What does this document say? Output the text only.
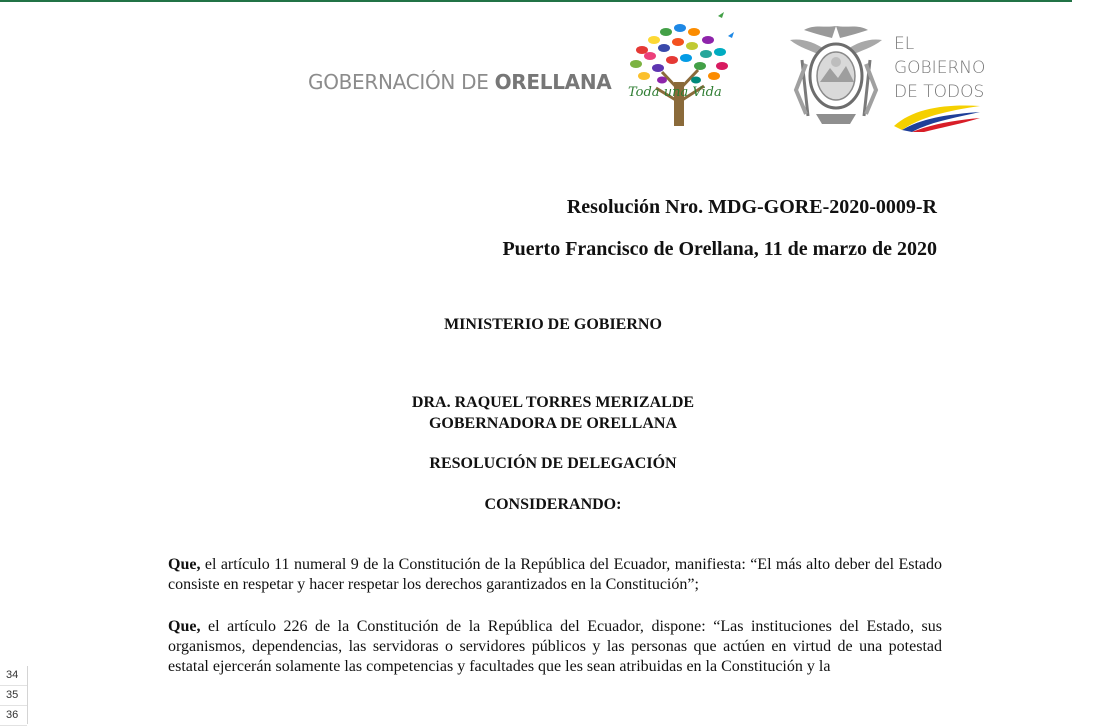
GOBERNACIÓN DE ORELLANA Toda una Vida
EL
GOBIERNO
DE TODOS
Resolución Nro. MDG-GORE-2020-0009-R
Puerto Francisco de Orellana, 11 de marzo de 2020
MINISTERIO DE GOBIERNO
DRA. RAQUEL TORRES MERIZALDE
GOBERNADORA DE ORELLANA
RESOLUCIÓN DE DELEGACIÓN
CONSIDERANDO:
Que, el artículo 11 numeral 9 de la Constitución de la República del Ecuador, manifiesta: “El más alto deber del Estado consiste en respetar y hacer respetar los derechos garantizados en la Constitución”;
Que, el artículo 226 de la Constitución de la República del Ecuador, dispone: “Las instituciones del Estado, sus organismos, dependencias, las servidoras o servidores públicos y las personas que actúen en virtud de una potestad estatal ejercerán solamente las competencias y facultades que les sean atribuidas en la Constitución y la
34
35
36
